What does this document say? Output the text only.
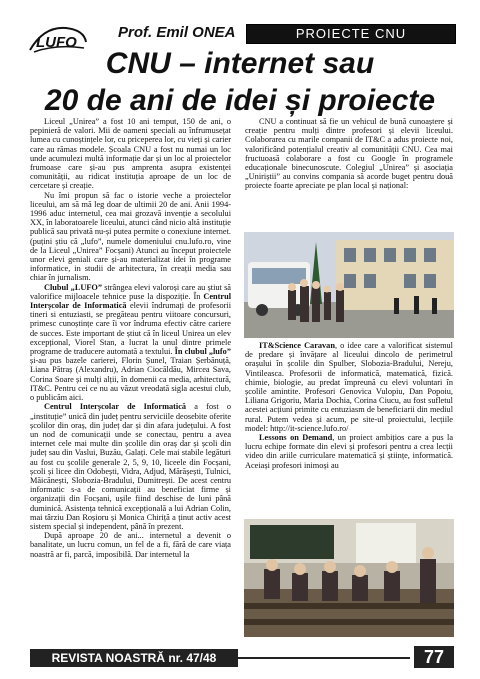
LUFO
Prof. Emil ONEA	PROIECTE CNU
CNU – internet sau
20 de ani de idei și proiecte

Liceul „Unirea” a fost 10 ani temput, 150 de ani, o pepinieră de valori. Mii de oameni speciali au înfrumusețat lumea cu cunoștințele lor, cu priceperea lor, cu vieți și carier care au rămas modele. Școala CNU a fost nu numai un loc unde acumulezi multă informație dar și un loc al proiectelor frumoase care și-au pus amprenta asupra existenței comunității, au ridicat instituția aproape de un loc de cercetare și creație.

Nu îmi propun să fac o istorie veche a proiectelor liceului, am să mă leg doar de ultimii 20 de ani. Anii 1994-1996 aduc internetul, cea mai grozavă invenție a secolului XX, în laboratoarele liceului, atunci când nicio altă instituție publică sau privată nu-și putea permite o conexiune internet. (puțini știu că „lufo”, numele domeniului cnu.lufo.ro, vine de la Liceul „Unirea” Focșani) Atunci au început proiectele unor elevi geniali care și-au materializat idei în programe informatice, in studii de arhitectura, în creații media sau chiar în jurnalism.

Clubul „LUFO” strângea elevi valoroși care au știut să valorifice mijloacele tehnice puse la dispoziție. În Centrul Interșcolar de Informatică elevii îndrumați de profesorii tineri si entuziasti, se pregăteau pentru viitoare concursuri, primesc cunoștințe care îi vor îndruma efectiv către cariere de succes. Este important de știut că în liceul Unirea un elev excepțional, Viorel Stan, a lucrat la unul dintre primele programe de traducere automată a textului. În clubul „lufo” și-au pus bazele carierei, Florin Șunel, Traian Șerbănuță, Liana Pătraș (Alexandru), Adrian Ciocăldău, Mircea Sava, Corina Soare și mulți alții, în domenii ca media, arhitectură, IT&C. Pentru cei ce nu au văzut vreodată sigla acestui club, o publicăm aici.

Centrul Interșcolar de Informatică a fost o „instituție” unică din județ pentru serviciile deosebite oferite școlilor din oraș, din județ dar și din afara județului. A fost un nod de comunicații unde se conectau, pentru a avea internet cele mai multe din școlile din oraș dar și școli din județ sau din Vaslui, Buzău, Galați. Cele mai stabile legături au fost cu școlile generale 2, 5, 9, 10, liceele din Focșani, școli și licee din Odobești, Vidra, Adjud, Mărășești, Tulnici, Măicănești, Slobozia-Bradului, Dumitrești. De acest centru informatic s-a de comunicații au beneficiat firme și organizații din Focșani, ușile fiind deschise de luni până duminică. Asistența tehnică excepțională a lui Adrian Colin, mai târziu Dan Roșioru și Monica Chiriță a ținut activ acest sistem special și independent, până în prezent.

După aproape 20 de ani... internetul a devenit o banalitate, un lucru comun, un fel de a fi, fără de care viața noastră ar fi, parcă, imposibilă. Dar internetul la

CNU a continuat să fie un vehicul de bună cunoaștere și creație pentru mulți dintre profesori și elevii liceului. Colaborarea cu marile companii de IT&C a adus proiecte noi, valorificând potențialul creativ al comunității CNU. Cea mai fructuoasă colaborare a fost cu Google în programele educaționale binecunoscute. Colegiul „Unirea” și asociația „Uniriștii” au convins compania să acorde buget pentru două proiecte foarte apreciate pe plan local și național:

IT&Science Caravan, o idee care a valorificat sistemul de predare și învățare al liceului dincolo de perimetrul orașului în școlile din Spulber, Slobozia-Bradului, Nereju, Vintileasca. Profesorii de informatică, matematică, fizică. chimie, biologie, au predat împreună cu elevi voluntari în școlile amintite. Profesori Genovica Vulopiu, Dan Popoiu, Liliana Grigoriu, Maria Dochia, Corina Ciucu, au fost sufletul acestei acțiuni primite cu entuziasm de beneficiarii din mediul rural. Putem vedea și acum, pe site-ul proiectului, lecțiile model: http://it-science.lufo.ro/

Lessons on Demand, un proiect ambițios care a pus la lucru echipe formate din elevi și profesori pentru a crea lecții video din ariile curriculare matematică și științe, informatică. Aceiași profesori inimoși au

REVISTA NOASTRĂ nr. 47/48	77
